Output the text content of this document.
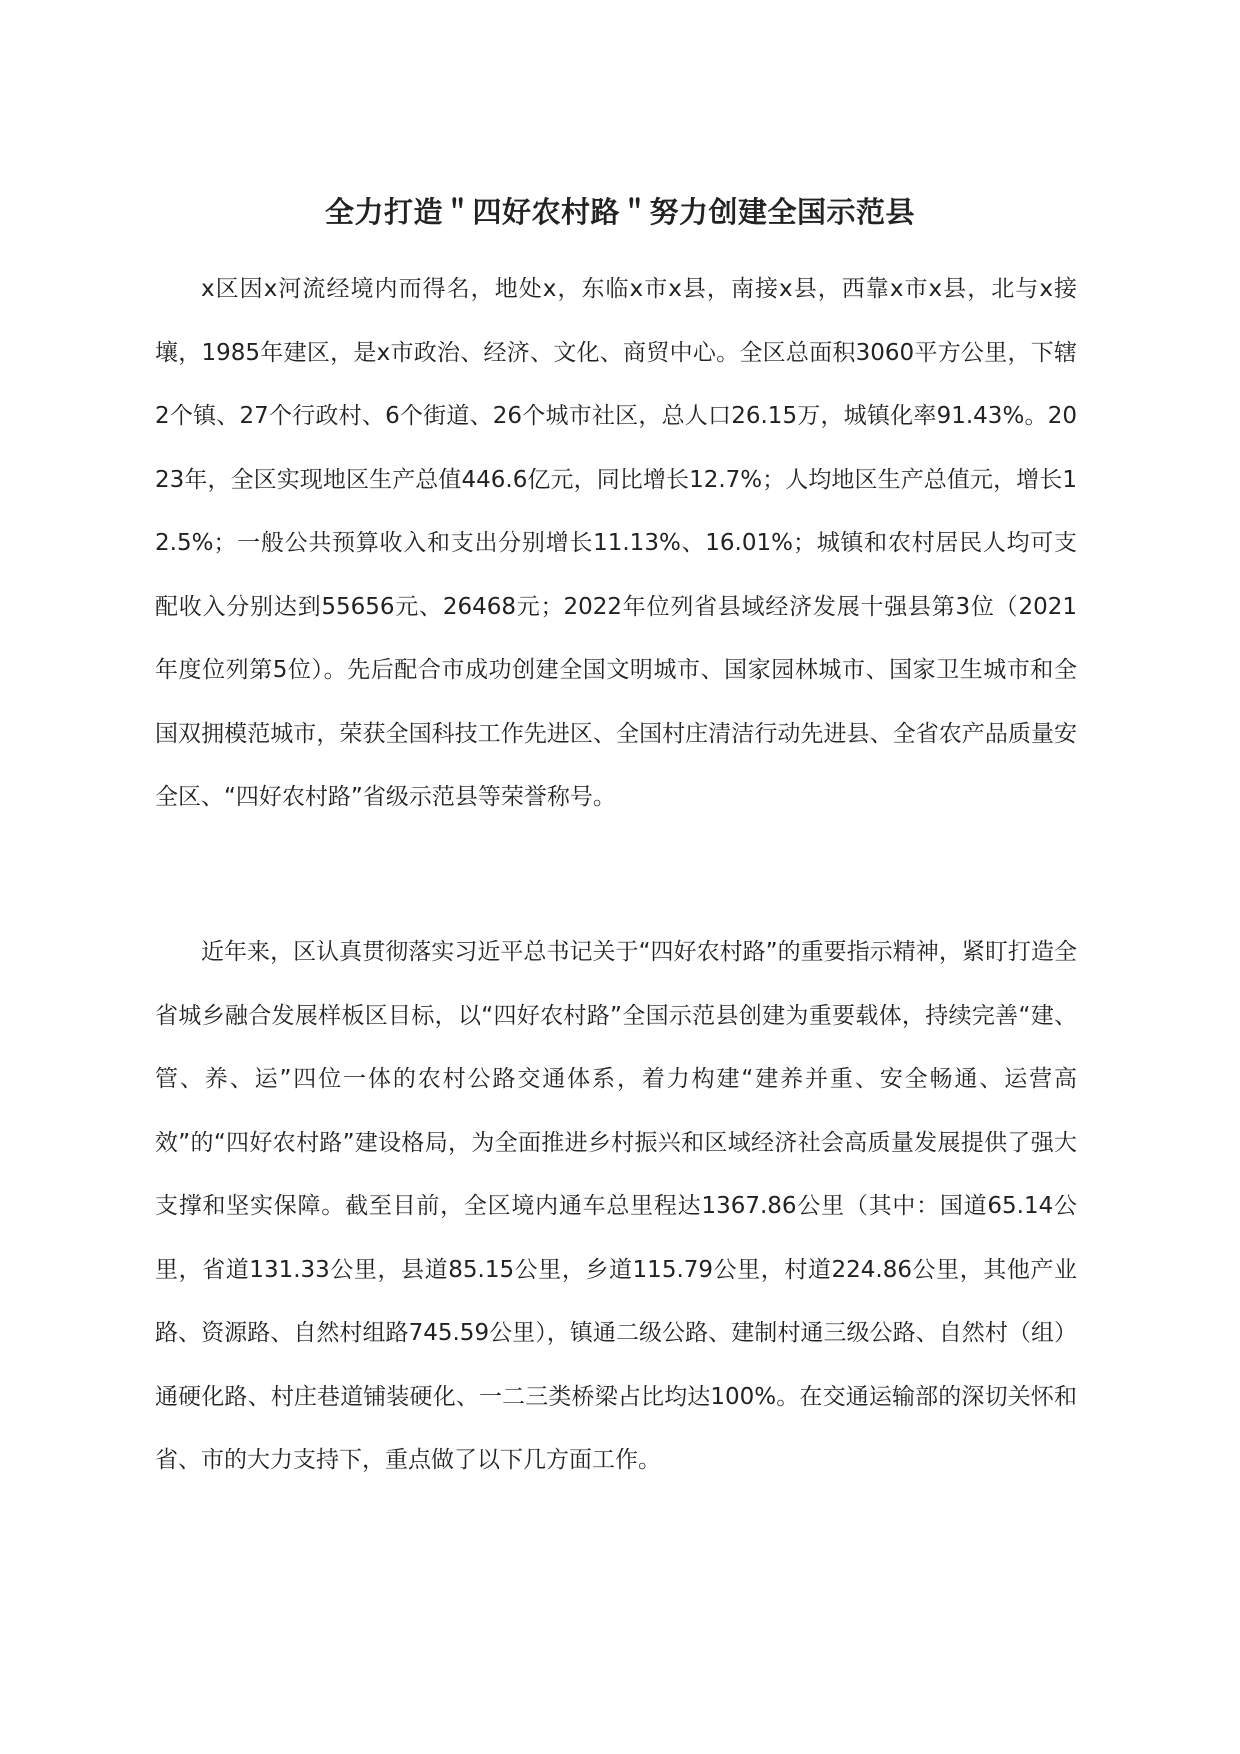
全力打造＂四好农村路＂努力创建全国示范县

x区因x河流经境内而得名，地处x，东临x市x县，南接x县，西靠x市x县，北与x接壤，1985年建区，是x市政治、经济、文化、商贸中心。全区总面积3060平方公里，下辖2个镇、27个行政村、6个街道、26个城市社区，总人口26.15万，城镇化率91.43%。2023年，全区实现地区生产总值446.6亿元，同比增长12.7%；人均地区生产总值元，增长12.5%；一般公共预算收入和支出分别增长11.13%、16.01%；城镇和农村居民人均可支配收入分别达到55656元、26468元；2022年位列省县域经济发展十强县第3位（2021年度位列第5位）。先后配合市成功创建全国文明城市、国家园林城市、国家卫生城市和全国双拥模范城市，荣获全国科技工作先进区、全国村庄清洁行动先进县、全省农产品质量安全区、“四好农村路”省级示范县等荣誉称号。

近年来，区认真贯彻落实习近平总书记关于“四好农村路”的重要指示精神，紧盯打造全省城乡融合发展样板区目标，以“四好农村路”全国示范县创建为重要载体，持续完善“建、管、养、运”四位一体的农村公路交通体系，着力构建“建养并重、安全畅通、运营高效”的“四好农村路”建设格局，为全面推进乡村振兴和区域经济社会高质量发展提供了强大支撑和坚实保障。截至目前，全区境内通车总里程达1367.86公里（其中：国道65.14公里，省道131.33公里，县道85.15公里，乡道115.79公里，村道224.86公里，其他产业路、资源路、自然村组路745.59公里），镇通二级公路、建制村通三级公路、自然村（组）通硬化路、村庄巷道铺装硬化、一二三类桥梁占比均达100%。在交通运输部的深切关怀和省、市的大力支持下，重点做了以下几方面工作。
